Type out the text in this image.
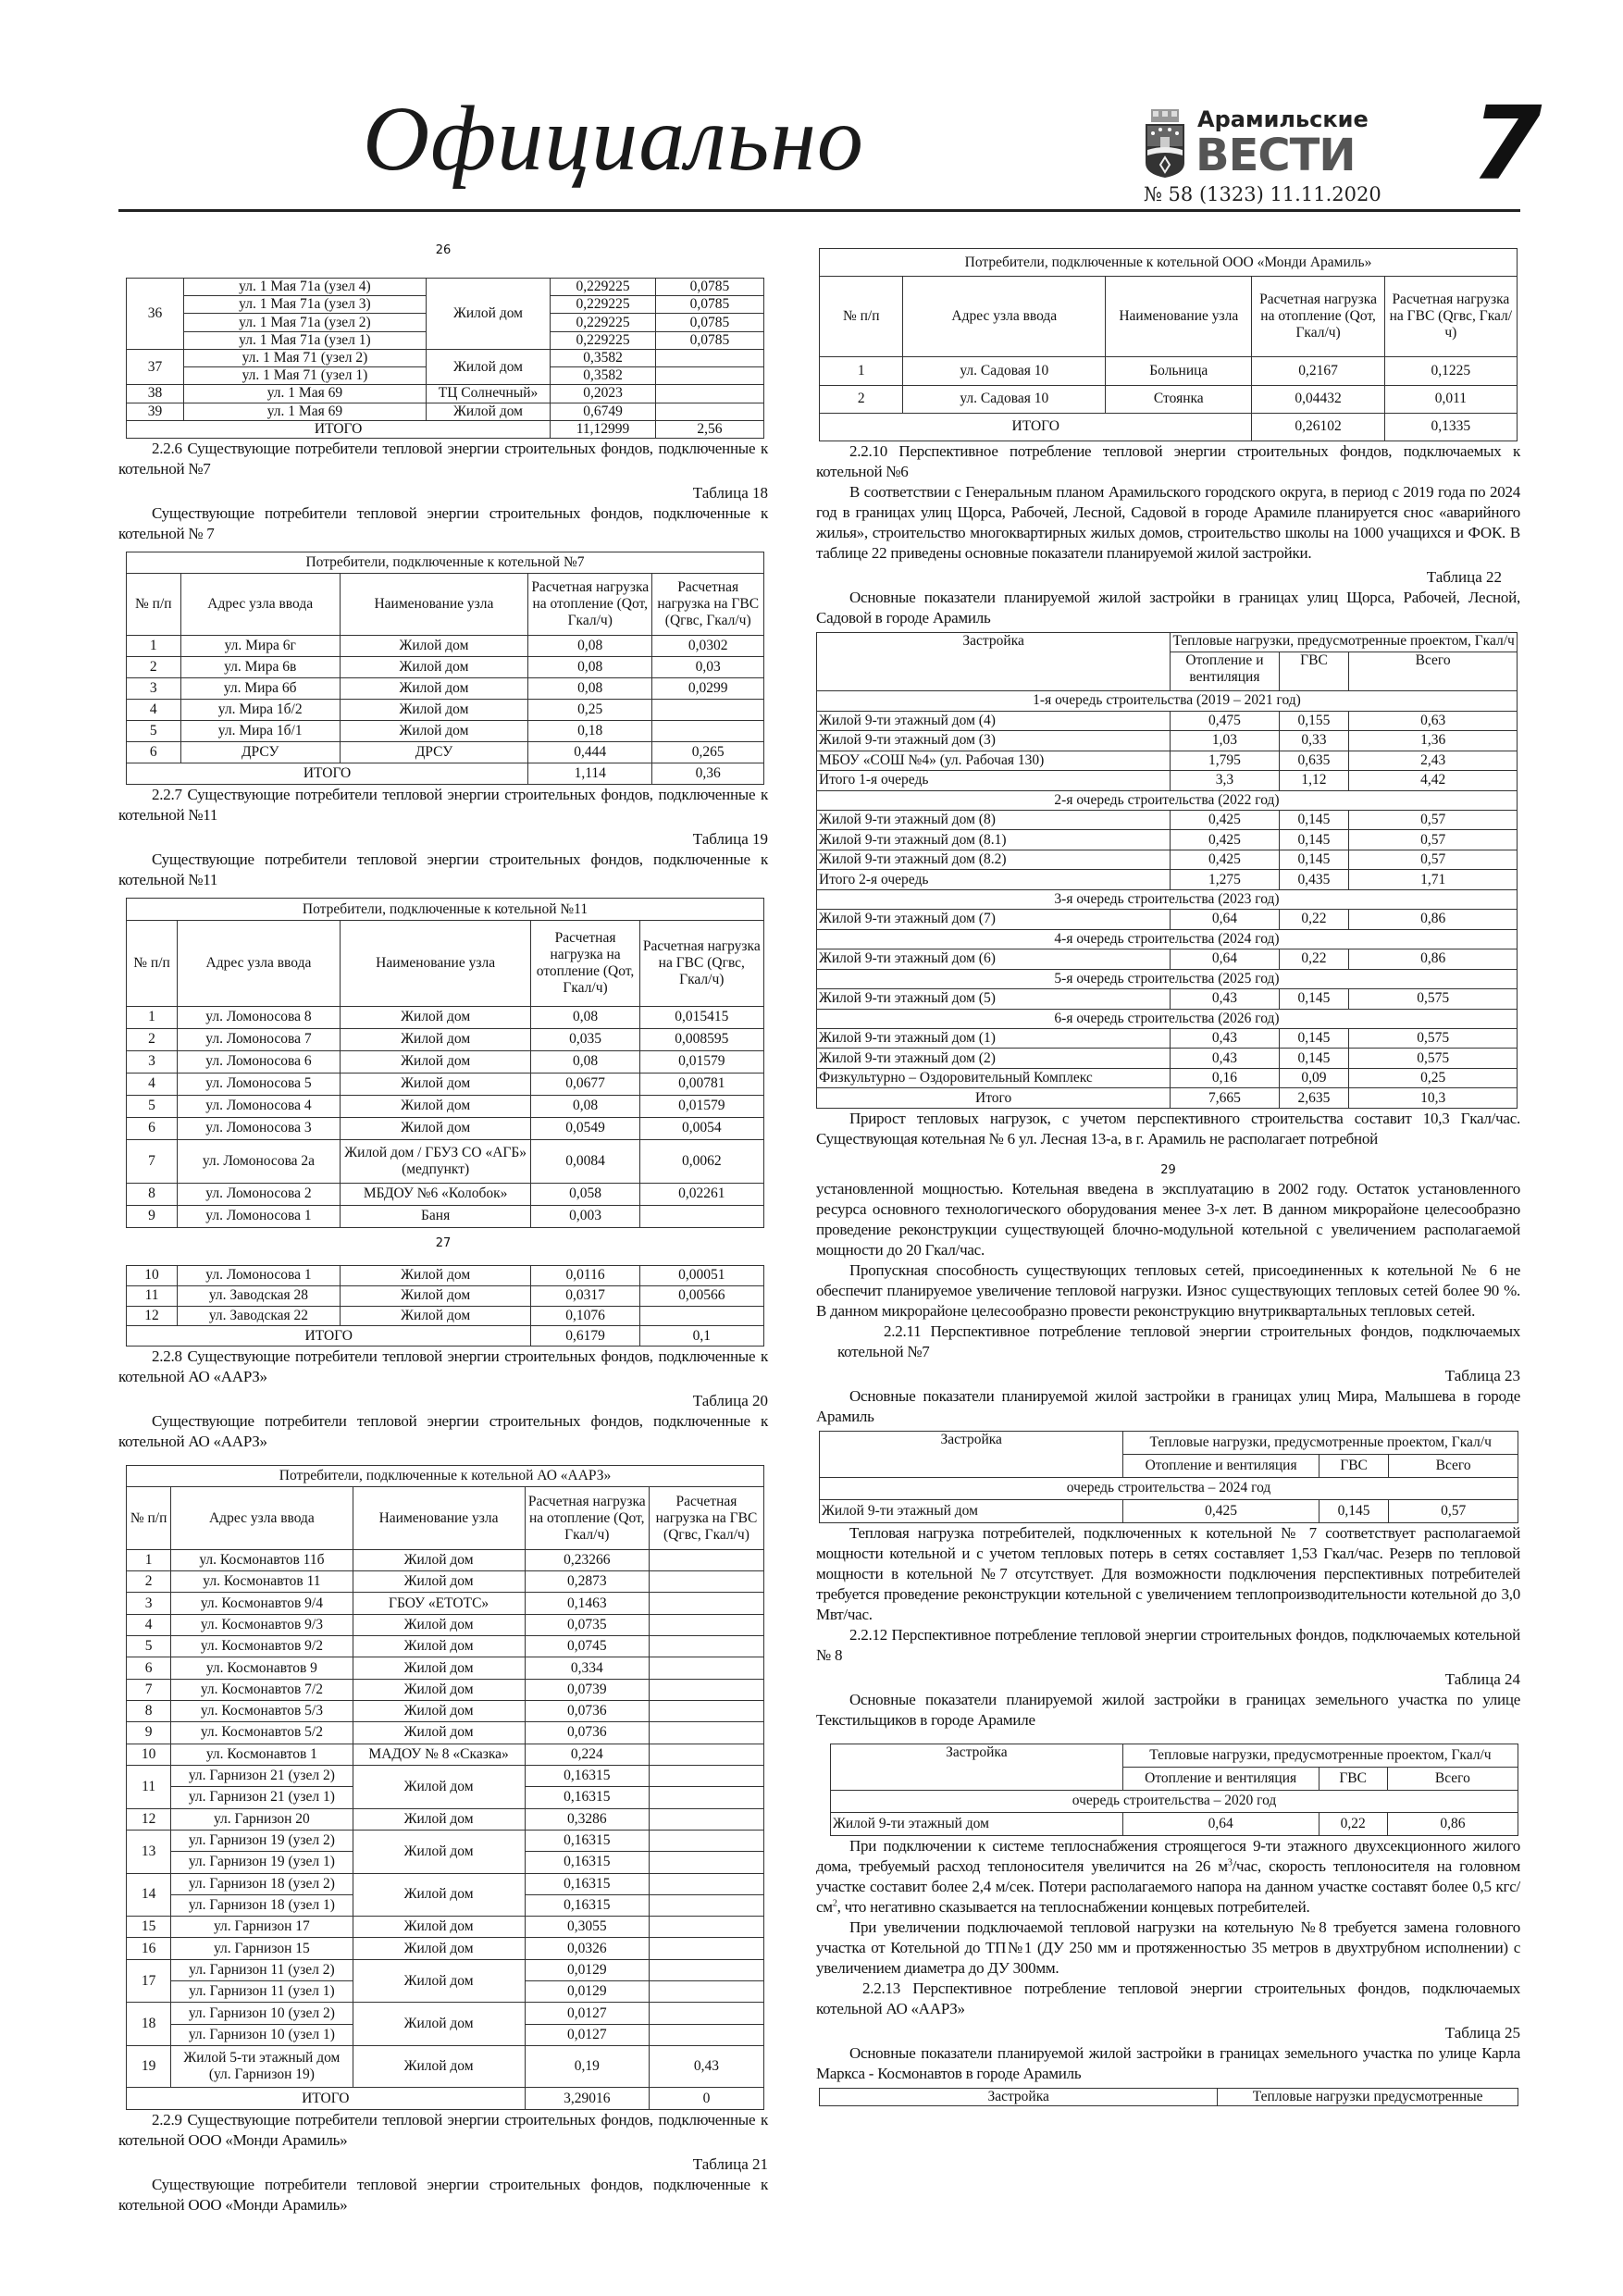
Официально	Арамильские
ВЕСТИ
№ 58 (1323) 11.11.2020 7
26
36	ул. 1 Мая 71а (узел 4)	Жилой дом	0,229225	0,0785
	ул. 1 Мая 71а (узел 3)		0,229225	0,0785
	ул. 1 Мая 71а (узел 2)		0,229225	0,0785
	ул. 1 Мая 71а (узел 1)		0,229225	0,0785
37	ул. 1 Мая 71 (узел 2)	Жилой дом	0,3582	
	ул. 1 Мая 71 (узел 1)		0,3582	
38	ул. 1 Мая 69	ТЦ Солнечный»	0,2023	
39	ул. 1 Мая 69	Жилой дом	0,6749	
ИТОГО			11,12999	2,56

2.2.6 Существующие потребители тепловой энергии строительных фондов, подключенные к котельной №7

Таблица 18

Существующие потребители тепловой энергии строительных фондов, подключенные к котельной № 7

Потребители, подключенные к котельной №7				
№ п/п	Адрес узла ввода	Наименование узла	Расчетная нагрузка на отопление (Qот, Гкал/ч)	Расчетная нагрузка на ГВС (Qгвс, Гкал/ч)
1	ул. Мира 6г	Жилой дом	0,08	0,0302
2	ул. Мира 6в	Жилой дом	0,08	0,03
3	ул. Мира 6б	Жилой дом	0,08	0,0299
4	ул. Мира 1б/2	Жилой дом	0,25	
5	ул. Мира 1б/1	Жилой дом	0,18	
6	ДРСУ	ДРСУ	0,444	0,265
ИТОГО			1,114	0,36

2.2.7 Существующие потребители тепловой энергии строительных фондов, подключенные к котельной №11

Таблица 19

Существующие потребители тепловой энергии строительных фондов, подключенные к котельной №11

Потребители, подключенные к котельной №11				
№ п/п	Адрес узла ввода	Наименование узла	Расчетная нагрузка на отопление (Qот, Гкал/ч)	Расчетная нагрузка на ГВС (Qгвс, Гкал/ч)
1	ул. Ломоносова 8	Жилой дом	0,08	0,015415
2	ул. Ломоносова 7	Жилой дом	0,035	0,008595
3	ул. Ломоносова 6	Жилой дом	0,08	0,01579
4	ул. Ломоносова 5	Жилой дом	0,0677	0,00781
5	ул. Ломоносова 4	Жилой дом	0,08	0,01579
6	ул. Ломоносова 3	Жилой дом	0,0549	0,0054
7	ул. Ломоносова 2а	Жилой дом / ГБУЗ СО «АГБ» (медпункт)	0,0084	0,0062
8	ул. Ломоносова 2	МБДОУ №6 «Колобок»	0,058	0,02261
9	ул. Ломоносова 1	Баня	0,003	
27
10	ул. Ломоносова 1	Жилой дом	0,0116	0,00051
11	ул. Заводская 28	Жилой дом	0,0317	0,00566
12	ул. Заводская 22	Жилой дом	0,1076	
ИТОГО			0,6179	0,1

2.2.8 Существующие потребители тепловой энергии строительных фондов, подключенные к котельной АО «ААРЗ»

Таблица 20

Существующие потребители тепловой энергии строительных фондов, подключенные к котельной АО «ААРЗ»

Потребители, подключенные к котельной АО «ААРЗ»				
№ п/п	Адрес узла ввода	Наименование узла	Расчетная нагрузка на отопление (Qот, Гкал/ч)	Расчетная нагрузка на ГВС (Qгвс, Гкал/ч)
1	ул. Космонавтов 11б	Жилой дом	0,23266	
2	ул. Космонавтов 11	Жилой дом	0,2873	
3	ул. Космонавтов 9/4	ГБОУ «ЕТОТС»	0,1463	
4	ул. Космонавтов 9/3	Жилой дом	0,0735	
5	ул. Космонавтов 9/2	Жилой дом	0,0745	
6	ул. Космонавтов 9	Жилой дом	0,334	
7	ул. Космонавтов 7/2	Жилой дом	0,0739	
8	ул. Космонавтов 5/3	Жилой дом	0,0736	
9	ул. Космонавтов 5/2	Жилой дом	0,0736	
10	ул. Космонавтов 1	МАДОУ № 8 «Сказка»	0,224	
11	ул. Гарнизон 21 (узел 2)	Жилой дом	0,16315	
	ул. Гарнизон 21 (узел 1)		0,16315	
12	ул. Гарнизон 20	Жилой дом	0,3286	
13	ул. Гарнизон 19 (узел 2)	Жилой дом	0,16315	
	ул. Гарнизон 19 (узел 1)		0,16315	
14	ул. Гарнизон 18 (узел 2)	Жилой дом	0,16315	
	ул. Гарнизон 18 (узел 1)		0,16315	
15	ул. Гарнизон 17	Жилой дом	0,3055	
16	ул. Гарнизон 15	Жилой дом	0,0326	
17	ул. Гарнизон 11 (узел 2)	Жилой дом	0,0129	
	ул. Гарнизон 11 (узел 1)		0,0129	
18	ул. Гарнизон 10 (узел 2)	Жилой дом	0,0127	
	ул. Гарнизон 10 (узел 1)		0,0127	
19	Жилой 5-ти этажный дом (ул. Гарнизон 19)	Жилой дом	0,19	0,43
ИТОГО			3,29016	0

2.2.9 Существующие потребители тепловой энергии строительных фондов, подключенные к котельной ООО «Монди Арамиль»

Таблица 21

Существующие потребители тепловой энергии строительных фондов, подключенные к котельной ООО «Монди Арамиль»

Потребители, подключенные к котельной ООО «Монди Арамиль»				
№ п/п	Адрес узла ввода	Наименование узла	Расчетная нагрузка на отопление (Qот, Гкал/ч)	Расчетная нагрузка на ГВС (Qгвс, Гкал/ч)
1	ул. Садовая 10	Больница	0,2167	0,1225
2	ул. Садовая 10	Стоянка	0,04432	0,011
ИТОГО			0,26102	0,1335

2.2.10 Перспективное потребление тепловой энергии строительных фондов, подключаемых к котельной №6

В соответствии с Генеральным планом Арамильского городского округа, в период с 2019 года по 2024 год в границах улиц Щорса, Рабочей, Лесной, Садовой в городе Арамиле планируется снос «аварийного жилья», строительство многоквартирных жилых домов, строительство школы на 1000 учащихся и ФОК. В таблице 22 приведены основные показатели планируемой жилой застройки.

Таблица 22

Основные показатели планируемой жилой застройки в границах улиц Щорса, Рабочей, Лесной, Садовой в городе Арамиль

Застройка	Тепловые нагрузки, предусмотренные проектом, Гкал/ч		
	Отопление и вентиляция	ГВС	Всего
1-я очередь строительства (2019 – 2021 год)			
Жилой 9-ти этажный дом (4)	0,475	0,155	0,63
Жилой 9-ти этажный дом (3)	1,03	0,33	1,36
МБОУ «СОШ №4» (ул. Рабочая 130)	1,795	0,635	2,43
Итого 1-я очередь	3,3	1,12	4,42
2-я очередь строительства (2022 год)			
Жилой 9-ти этажный дом (8)	0,425	0,145	0,57
Жилой 9-ти этажный дом (8.1)	0,425	0,145	0,57
Жилой 9-ти этажный дом (8.2)	0,425	0,145	0,57
Итого 2-я очередь	1,275	0,435	1,71
3-я очередь строительства (2023 год)			
Жилой 9-ти этажный дом (7)	0,64	0,22	0,86
4-я очередь строительства (2024 год)			
Жилой 9-ти этажный дом (6)	0,64	0,22	0,86
5-я очередь строительства (2025 год)			
Жилой 9-ти этажный дом (5)	0,43	0,145	0,575
6-я очередь строительства (2026 год)			
Жилой 9-ти этажный дом (1)	0,43	0,145	0,575
Жилой 9-ти этажный дом (2)	0,43	0,145	0,575
Физкультурно – Оздоровительный Комплекс	0,16	0,09	0,25
Итого	7,665	2,635	10,3

Прирост тепловых нагрузок, с учетом перспективного строительства составит 10,3 Гкал/час. Существующая котельная № 6 ул. Лесная 13-а, в г. Арамиль не располагает потребной

29

установленной мощностью. Котельная введена в эксплуатацию в 2002 году. Остаток установленного ресурса основного технологического оборудования менее 3-х лет. В данном микрорайоне целесообразно проведение реконструкции существующей блочно-модульной котельной с увеличением располагаемой мощности до 20 Гкал/час.

Пропускная способность существующих тепловых сетей, присоединенных к котельной № 6 не обеспечит планируемое увеличение тепловой нагрузки. Износ существующих тепловых сетей более 90 %. В данном микрорайоне целесообразно провести реконструкцию внутриквартальных тепловых сетей.

2.2.11 Перспективное потребление тепловой энергии строительных фондов, подключаемых котельной №7

Таблица 23

Основные показатели планируемой жилой застройки в границах улиц Мира, Малышева в городе Арамиль

Застройка	Тепловые нагрузки, предусмотренные проектом, Гкал/ч		
	Отопление и вентиляция	ГВС	Всего
очередь строительства – 2024 год			
Жилой 9-ти этажный дом	0,425	0,145	0,57

Тепловая нагрузка потребителей, подключенных к котельной № 7 соответствует располагаемой мощности котельной и с учетом тепловых потерь в сетях составляет 1,53 Гкал/час. Резерв по тепловой мощности в котельной №7 отсутствует. Для возможности подключения перспективных потребителей требуется проведение реконструкции котельной с увеличением теплопроизводительности котельной до 3,0 Мвт/час.

2.2.12 Перспективное потребление тепловой энергии строительных фондов, подключаемых котельной № 8

Таблица 24

Основные показатели планируемой жилой застройки в границах земельного участка по улице Текстильщиков в городе Арамиле

Застройка	Тепловые нагрузки, предусмотренные проектом, Гкал/ч		
	Отопление и вентиляция	ГВС	Всего
очередь строительства – 2020 год			
Жилой 9-ти этажный дом	0,64	0,22	0,86

При подключении к системе теплоснабжения строящегося 9-ти этажного двухсекционного жилого дома, требуемый расход теплоносителя увеличится на 26 $м^3$/час, скорость теплоносителя на головном участке составит более 2,4 м/сек. Потери располагаемого напора на данном участке составят более 0,5 кгс/$см^2$, что негативно сказывается на теплоснабжении концевых потребителей.

При увеличении подключаемой тепловой нагрузки на котельную №8 требуется замена головного участка от Котельной до ТП№1 (ДУ 250 мм и протяженностью 35 метров в двухтрубном исполнении) с увеличением диаметра до ДУ 300мм.

2.2.13 Перспективное потребление тепловой энергии строительных фондов, подключаемых котельной АО «ААРЗ»

Таблица 25

Основные показатели планируемой жилой застройки в границах земельного участка по улице Карла Маркса - Космонавтов в городе Арамиль

Застройка	Тепловые нагрузки предусмотренные
